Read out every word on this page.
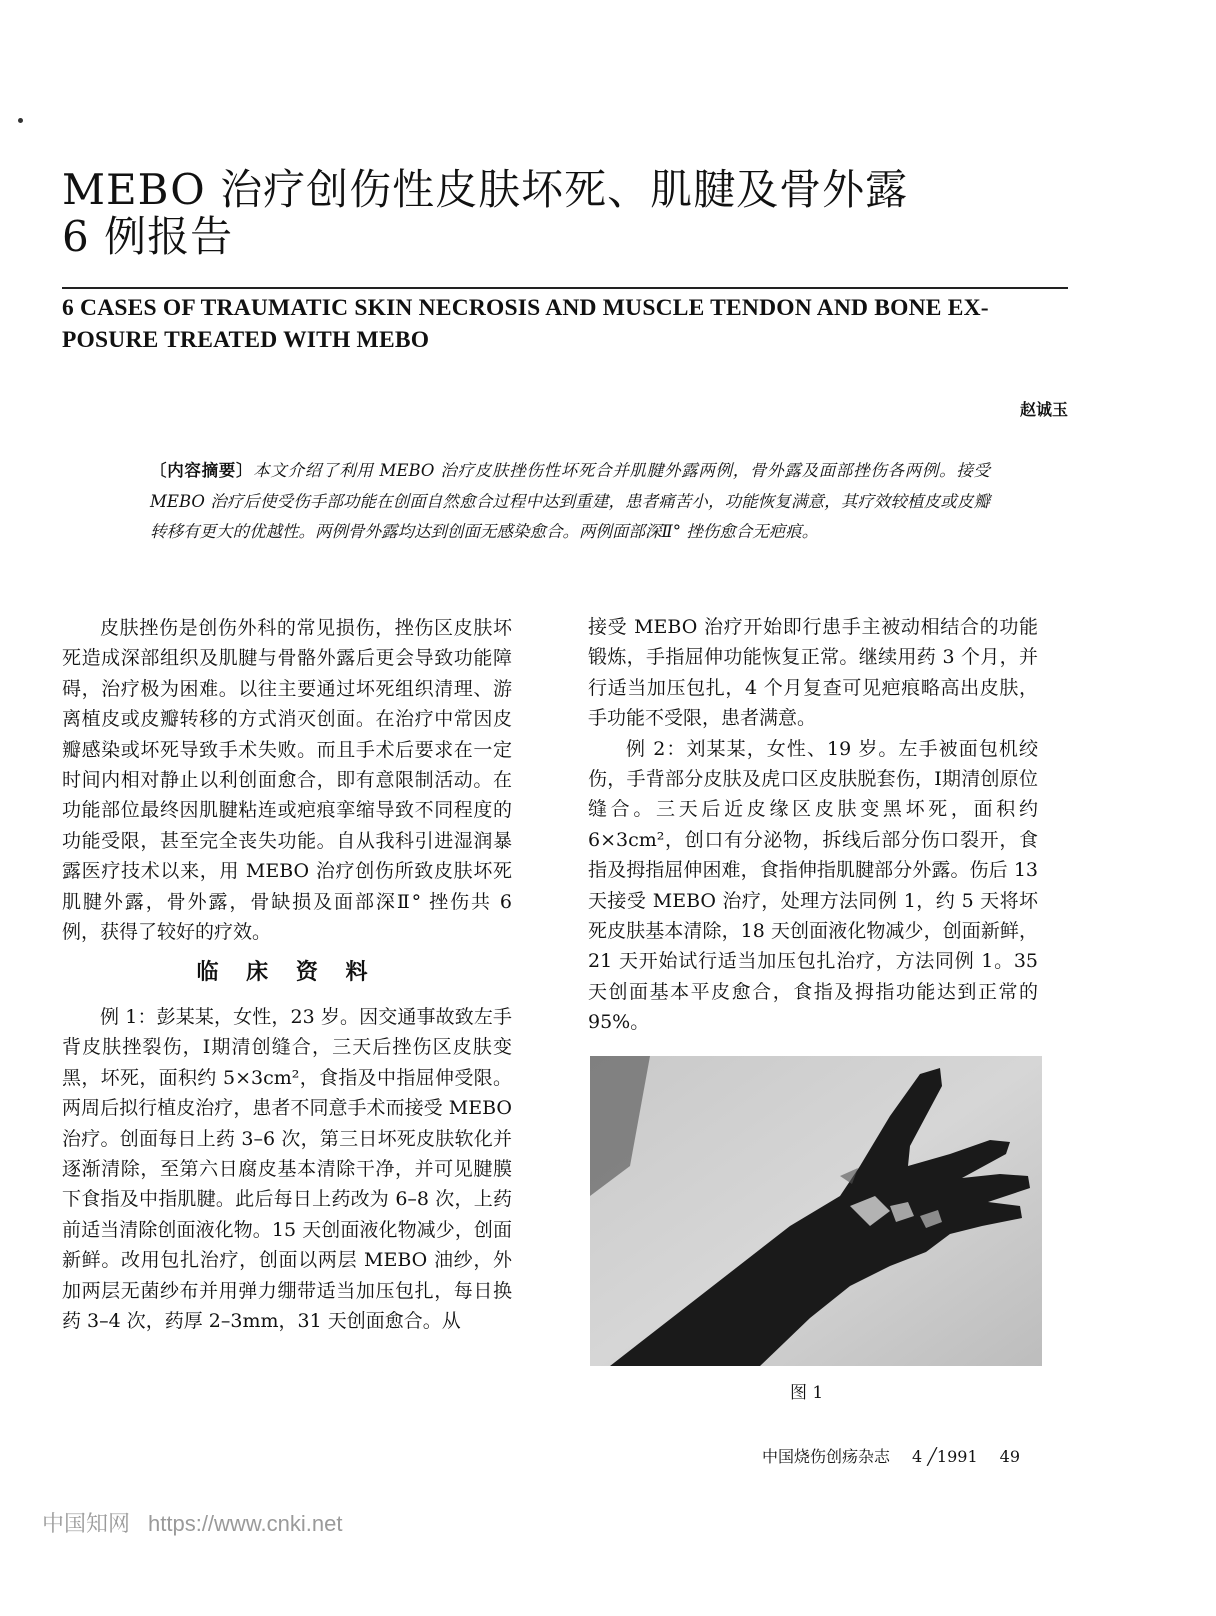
MEBO 治疗创伤性皮肤坏死、肌腱及骨外露
6 例报告
6 CASES OF TRAUMATIC SKIN NECROSIS AND MUSCLE TENDON AND BONE EX-
POSURE TREATED WITH MEBO
赵诚玉
〔内容摘要〕本文介绍了利用 MEBO 治疗皮肤挫伤性坏死合并肌腱外露两例，骨外露及面部挫伤各两例。接受 MEBO 治疗后使受伤手部功能在创面自然愈合过程中达到重建，患者痛苦小，功能恢复满意，其疗效较植皮或皮瓣转移有更大的优越性。两例骨外露均达到创面无感染愈合。两例面部深Ⅱ° 挫伤愈合无疤痕。

皮肤挫伤是创伤外科的常见损伤，挫伤区皮肤坏死造成深部组织及肌腱与骨骼外露后更会导致功能障碍，治疗极为困难。以往主要通过坏死组织清理、游离植皮或皮瓣转移的方式消灭创面。在治疗中常因皮瓣感染或坏死导致手术失败。而且手术后要求在一定时间内相对静止以利创面愈合，即有意限制活动。在功能部位最终因肌腱粘连或疤痕挛缩导致不同程度的功能受限，甚至完全丧失功能。自从我科引进湿润暴露医疗技术以来，用 MEBO 治疗创伤所致皮肤坏死肌腱外露，骨外露，骨缺损及面部深Ⅱ° 挫伤共 6 例，获得了较好的疗效。

临 床 资 料

例 1：彭某某，女性，23 岁。因交通事故致左手背皮肤挫裂伤，Ⅰ期清创缝合，三天后挫伤区皮肤变黑，坏死，面积约 5×3cm²，食指及中指屈伸受限。两周后拟行植皮治疗，患者不同意手术而接受 MEBO 治疗。创面每日上药 3–6 次，第三日坏死皮肤软化并逐渐清除，至第六日腐皮基本清除干净，并可见腱膜下食指及中指肌腱。此后每日上药改为 6–8 次，上药前适当清除创面液化物。15 天创面液化物减少，创面新鲜。改用包扎治疗，创面以两层 MEBO 油纱，外加两层无菌纱布并用弹力绷带适当加压包扎，每日换药 3–4 次，药厚 2–3mm，31 天创面愈合。从

接受 MEBO 治疗开始即行患手主被动相结合的功能锻炼，手指屈伸功能恢复正常。继续用药 3 个月，并行适当加压包扎，4 个月复查可见疤痕略高出皮肤，手功能不受限，患者满意。

例 2：刘某某，女性、19 岁。左手被面包机绞伤，手背部分皮肤及虎口区皮肤脱套伤，Ⅰ期清创原位缝合。三天后近皮缘区皮肤变黑坏死，面积约 6×3cm²，创口有分泌物，拆线后部分伤口裂开，食指及拇指屈伸困难，食指伸指肌腱部分外露。伤后 13 天接受 MEBO 治疗，处理方法同例 1，约 5 天将坏死皮肤基本清除，18 天创面液化物减少，创面新鲜，21 天开始试行适当加压包扎治疗，方法同例 1。35 天创面基本平皮愈合，食指及拇指功能达到正常的 95%。

图 1
中国烧伤创疡杂志 4 ╱1991 49
中国知网 https://www.cnki.net
